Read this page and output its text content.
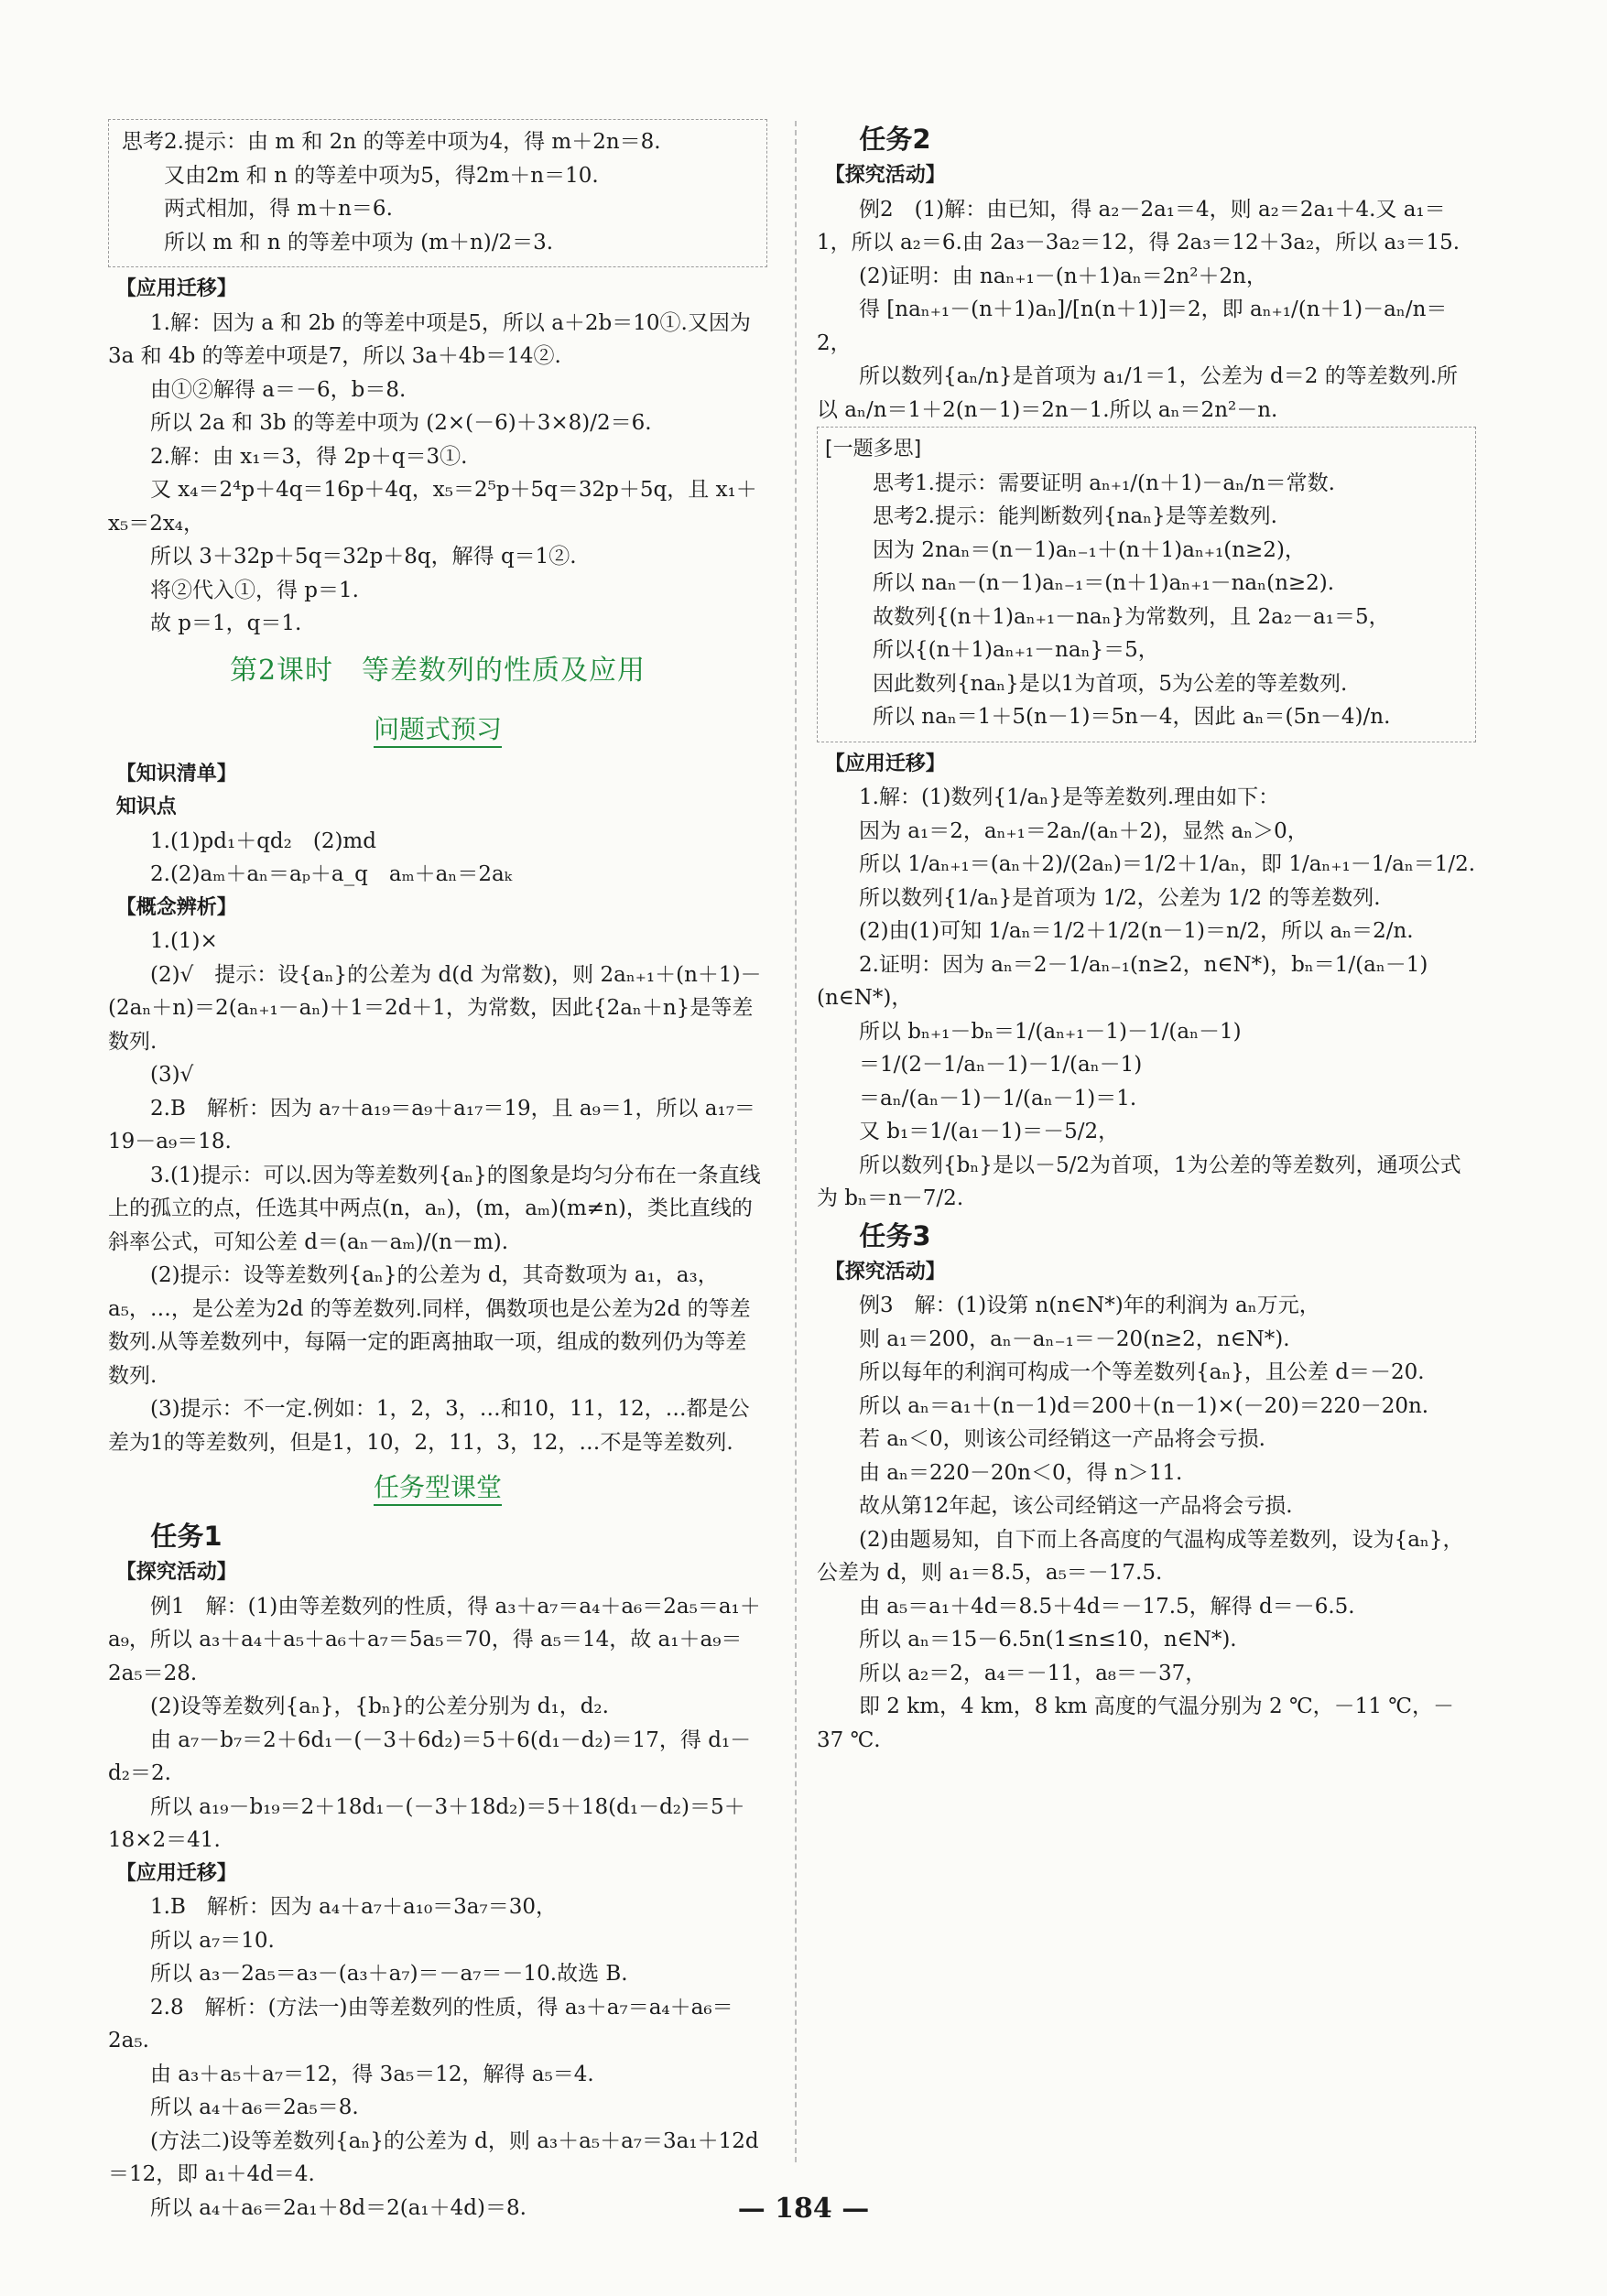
思考2.提示：由 m 和 2n 的等差中项为4，得 m＋2n＝8.

又由2m 和 n 的等差中项为5，得2m＋n＝10.

两式相加，得 m＋n＝6.

所以 m 和 n 的等差中项为 (m＋n)/2＝3.

【应用迁移】

1.解：因为 a 和 2b 的等差中项是5，所以 a＋2b＝10①.又因为 3a 和 4b 的等差中项是7，所以 3a＋4b＝14②.

由①②解得 a＝－6，b＝8.

所以 2a 和 3b 的等差中项为 (2×(－6)＋3×8)/2＝6.

2.解：由 x₁＝3，得 2p＋q＝3①.

又 x₄＝2⁴p＋4q＝16p＋4q，x₅＝2⁵p＋5q＝32p＋5q，且 x₁＋x₅＝2x₄，

所以 3＋32p＋5q＝32p＋8q，解得 q＝1②.

将②代入①，得 p＝1.

故 p＝1，q＝1.

第2课时　等差数列的性质及应用

问题式预习

【知识清单】

知识点

1.(1)pd₁＋qd₂　(2)md

2.(2)aₘ＋aₙ＝aₚ＋a_q　aₘ＋aₙ＝2aₖ

【概念辨析】

1.(1)×

(2)√　提示：设{aₙ}的公差为 d(d 为常数)，则 2aₙ₊₁＋(n＋1)－(2aₙ＋n)＝2(aₙ₊₁－aₙ)＋1＝2d＋1，为常数，因此{2aₙ＋n}是等差数列.

(3)√

2.B　解析：因为 a₇＋a₁₉＝a₉＋a₁₇＝19，且 a₉＝1，所以 a₁₇＝19－a₉＝18.

3.(1)提示：可以.因为等差数列{aₙ}的图象是均匀分布在一条直线上的孤立的点，任选其中两点(n，aₙ)，(m，aₘ)(m≠n)，类比直线的斜率公式，可知公差 d＝(aₙ－aₘ)/(n－m).

(2)提示：设等差数列{aₙ}的公差为 d，其奇数项为 a₁，a₃，a₅，…，是公差为2d 的等差数列.同样，偶数项也是公差为2d 的等差数列.从等差数列中，每隔一定的距离抽取一项，组成的数列仍为等差数列.

(3)提示：不一定.例如：1，2，3，…和10，11，12，…都是公差为1的等差数列，但是1，10，2，11，3，12，…不是等差数列.

任务型课堂

任务1

【探究活动】

例1　解：(1)由等差数列的性质，得 a₃＋a₇＝a₄＋a₆＝2a₅＝a₁＋a₉，所以 a₃＋a₄＋a₅＋a₆＋a₇＝5a₅＝70，得 a₅＝14，故 a₁＋a₉＝2a₅＝28.

(2)设等差数列{aₙ}，{bₙ}的公差分别为 d₁，d₂.

由 a₇－b₇＝2＋6d₁－(－3＋6d₂)＝5＋6(d₁－d₂)＝17，得 d₁－d₂＝2.

所以 a₁₉－b₁₉＝2＋18d₁－(－3＋18d₂)＝5＋18(d₁－d₂)＝5＋18×2＝41.

【应用迁移】

1.B　解析：因为 a₄＋a₇＋a₁₀＝3a₇＝30，

所以 a₇＝10.

所以 a₃－2a₅＝a₃－(a₃＋a₇)＝－a₇＝－10.故选 B.

2.8　解析：(方法一)由等差数列的性质，得 a₃＋a₇＝a₄＋a₆＝2a₅.

由 a₃＋a₅＋a₇＝12，得 3a₅＝12，解得 a₅＝4.

所以 a₄＋a₆＝2a₅＝8.

(方法二)设等差数列{aₙ}的公差为 d，则 a₃＋a₅＋a₇＝3a₁＋12d＝12，即 a₁＋4d＝4.

所以 a₄＋a₆＝2a₁＋8d＝2(a₁＋4d)＝8.

任务2

【探究活动】

例2　(1)解：由已知，得 a₂－2a₁＝4，则 a₂＝2a₁＋4.又 a₁＝1，所以 a₂＝6.由 2a₃－3a₂＝12，得 2a₃＝12＋3a₂，所以 a₃＝15.

(2)证明：由 naₙ₊₁－(n＋1)aₙ＝2n²＋2n，

得 [naₙ₊₁－(n＋1)aₙ]/[n(n＋1)]＝2，即 aₙ₊₁/(n＋1)－aₙ/n＝2，

所以数列{aₙ/n}是首项为 a₁/1＝1，公差为 d＝2 的等差数列.所以 aₙ/n＝1＋2(n－1)＝2n－1.所以 aₙ＝2n²－n.

[一题多思]

思考1.提示：需要证明 aₙ₊₁/(n＋1)－aₙ/n＝常数.

思考2.提示：能判断数列{naₙ}是等差数列.

因为 2naₙ＝(n－1)aₙ₋₁＋(n＋1)aₙ₊₁(n≥2)，

所以 naₙ－(n－1)aₙ₋₁＝(n＋1)aₙ₊₁－naₙ(n≥2).

故数列{(n＋1)aₙ₊₁－naₙ}为常数列，且 2a₂－a₁＝5，

所以{(n＋1)aₙ₊₁－naₙ}＝5，

因此数列{naₙ}是以1为首项，5为公差的等差数列.

所以 naₙ＝1＋5(n－1)＝5n－4，因此 aₙ＝(5n－4)/n.

【应用迁移】

1.解：(1)数列{1/aₙ}是等差数列.理由如下：

因为 a₁＝2，aₙ₊₁＝2aₙ/(aₙ＋2)，显然 aₙ＞0，

所以 1/aₙ₊₁＝(aₙ＋2)/(2aₙ)＝1/2＋1/aₙ，即 1/aₙ₊₁－1/aₙ＝1/2.

所以数列{1/aₙ}是首项为 1/2，公差为 1/2 的等差数列.

(2)由(1)可知 1/aₙ＝1/2＋1/2(n－1)＝n/2，所以 aₙ＝2/n.

2.证明：因为 aₙ＝2－1/aₙ₋₁(n≥2，n∈N*)，bₙ＝1/(aₙ－1)(n∈N*)，

所以 bₙ₊₁－bₙ＝1/(aₙ₊₁－1)－1/(aₙ－1)

＝1/(2－1/aₙ－1)－1/(aₙ－1)

＝aₙ/(aₙ－1)－1/(aₙ－1)＝1.

又 b₁＝1/(a₁－1)＝－5/2，

所以数列{bₙ}是以－5/2为首项，1为公差的等差数列，通项公式为 bₙ＝n－7/2.

任务3

【探究活动】

例3　解：(1)设第 n(n∈N*)年的利润为 aₙ万元，

则 a₁＝200，aₙ－aₙ₋₁＝－20(n≥2，n∈N*).

所以每年的利润可构成一个等差数列{aₙ}，且公差 d＝－20.

所以 aₙ＝a₁＋(n－1)d＝200＋(n－1)×(－20)＝220－20n.

若 aₙ＜0，则该公司经销这一产品将会亏损.

由 aₙ＝220－20n＜0，得 n＞11.

故从第12年起，该公司经销这一产品将会亏损.

(2)由题易知，自下而上各高度的气温构成等差数列，设为{aₙ}，公差为 d，则 a₁＝8.5，a₅＝－17.5.

由 a₅＝a₁＋4d＝8.5＋4d＝－17.5，解得 d＝－6.5.

所以 aₙ＝15－6.5n(1≤n≤10，n∈N*).

所以 a₂＝2，a₄＝－11，a₈＝－37，

即 2 km，4 km，8 km 高度的气温分别为 2 ℃，－11 ℃，－37 ℃.

— 184 —
